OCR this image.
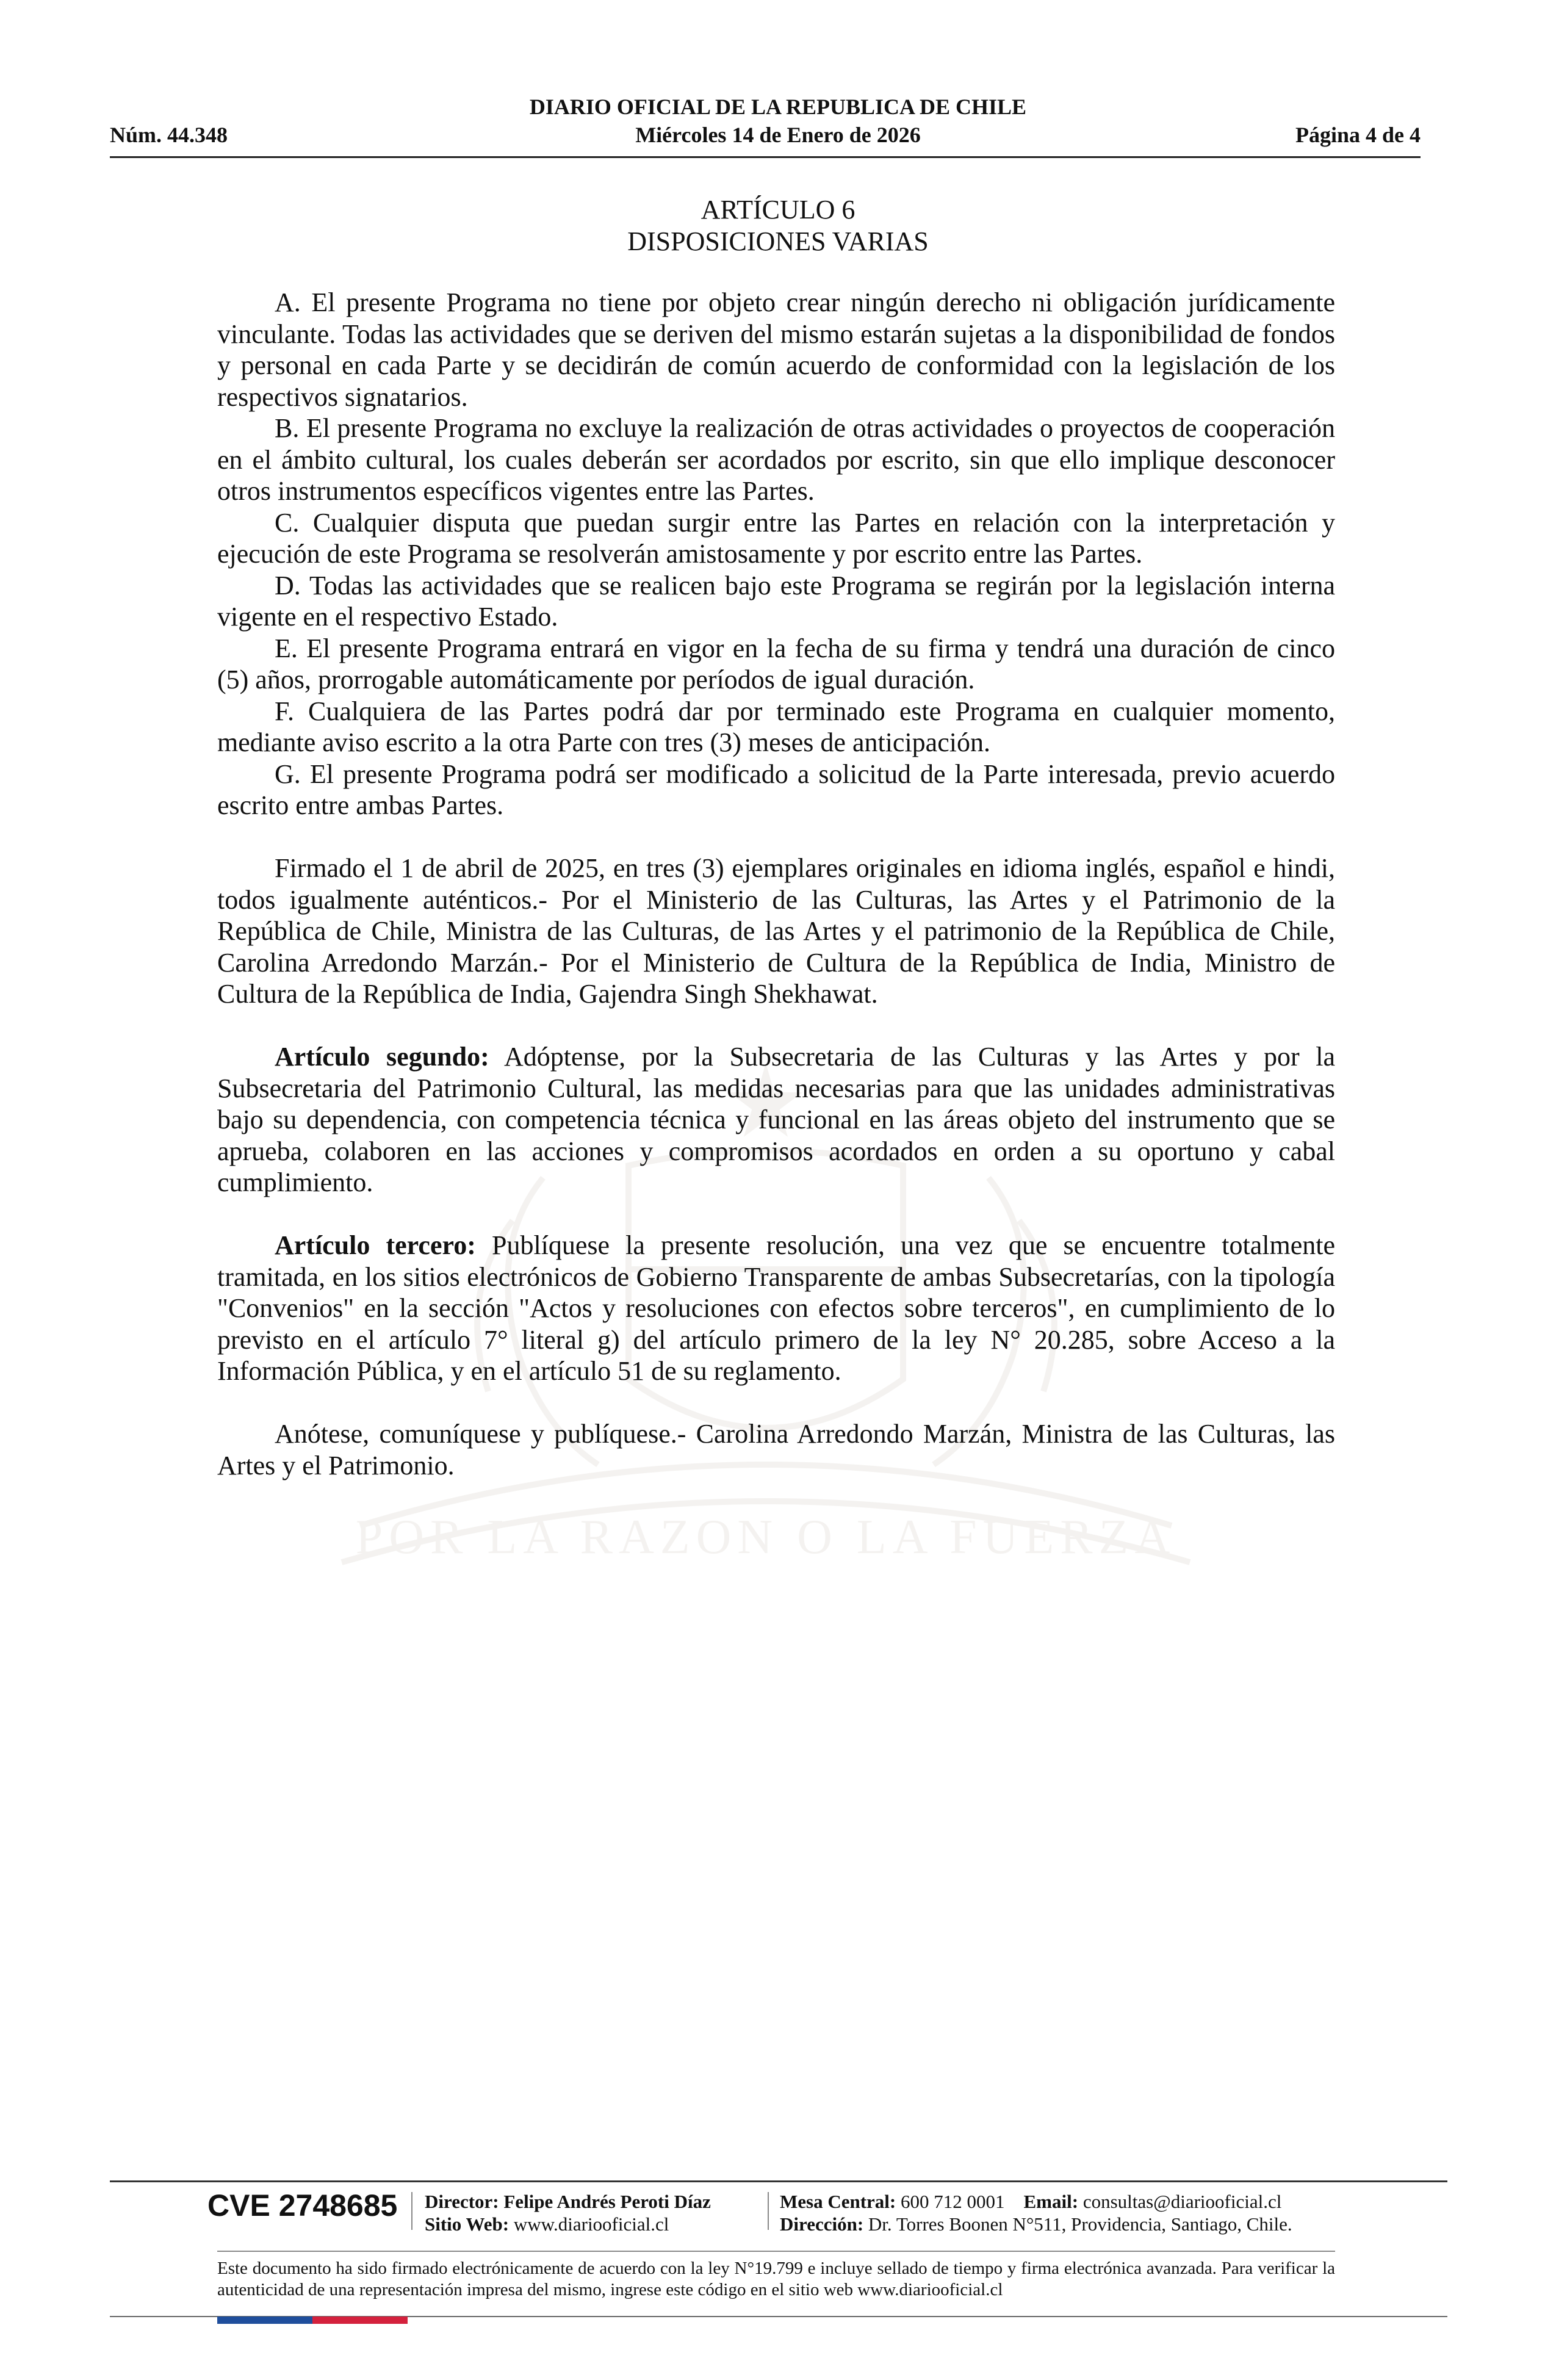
DIARIO OFICIAL DE LA REPUBLICA DE CHILE
Núm. 44.348	Miércoles 14 de Enero de 2026	Página 4 de 4
POR LA RAZON O LA FUERZA
ARTÍCULO 6
DISPOSICIONES VARIAS

A. El presente Programa no tiene por objeto crear ningún derecho ni obligación jurídicamente vinculante. Todas las actividades que se deriven del mismo estarán sujetas a la disponibilidad de fondos y personal en cada Parte y se decidirán de común acuerdo de conformidad con la legislación de los respectivos signatarios.

B. El presente Programa no excluye la realización de otras actividades o proyectos de cooperación en el ámbito cultural, los cuales deberán ser acordados por escrito, sin que ello implique desconocer otros instrumentos específicos vigentes entre las Partes.

C. Cualquier disputa que puedan surgir entre las Partes en relación con la interpretación y ejecución de este Programa se resolverán amistosamente y por escrito entre las Partes.

D. Todas las actividades que se realicen bajo este Programa se regirán por la legislación interna vigente en el respectivo Estado.

E. El presente Programa entrará en vigor en la fecha de su firma y tendrá una duración de cinco (5) años, prorrogable automáticamente por períodos de igual duración.

F. Cualquiera de las Partes podrá dar por terminado este Programa en cualquier momento, mediante aviso escrito a la otra Parte con tres (3) meses de anticipación.

G. El presente Programa podrá ser modificado a solicitud de la Parte interesada, previo acuerdo escrito entre ambas Partes.

Firmado el 1 de abril de 2025, en tres (3) ejemplares originales en idioma inglés, español e hindi, todos igualmente auténticos.- Por el Ministerio de las Culturas, las Artes y el Patrimonio de la República de Chile, Ministra de las Culturas, de las Artes y el patrimonio de la República de Chile, Carolina Arredondo Marzán.- Por el Ministerio de Cultura de la República de India, Ministro de Cultura de la República de India, Gajendra Singh Shekhawat.

Artículo segundo: Adóptense, por la Subsecretaria de las Culturas y las Artes y por la Subsecretaria del Patrimonio Cultural, las medidas necesarias para que las unidades administrativas bajo su dependencia, con competencia técnica y funcional en las áreas objeto del instrumento que se aprueba, colaboren en las acciones y compromisos acordados en orden a su oportuno y cabal cumplimiento.

Artículo tercero: Publíquese la presente resolución, una vez que se encuentre totalmente tramitada, en los sitios electrónicos de Gobierno Transparente de ambas Subsecretarías, con la tipología "Convenios" en la sección "Actos y resoluciones con efectos sobre terceros", en cumplimiento de lo previsto en el artículo 7° literal g) del artículo primero de la ley N° 20.285, sobre Acceso a la Información Pública, y en el artículo 51 de su reglamento.

Anótese, comuníquese y publíquese.- Carolina Arredondo Marzán, Ministra de las Culturas, las Artes y el Patrimonio.

CVE 2748685 Director: Felipe Andrés Peroti Díaz
Sitio Web: www.diariooficial.cl
Mesa Central: 600 712 0001 Email: consultas@diariooficial.cl
Dirección: Dr. Torres Boonen N°511, Providencia, Santiago, Chile.
Este documento ha sido firmado electrónicamente de acuerdo con la ley N°19.799 e incluye sellado de tiempo y firma electrónica avanzada. Para verificar la autenticidad de una representación impresa del mismo, ingrese este código en el sitio web www.diariooficial.cl
